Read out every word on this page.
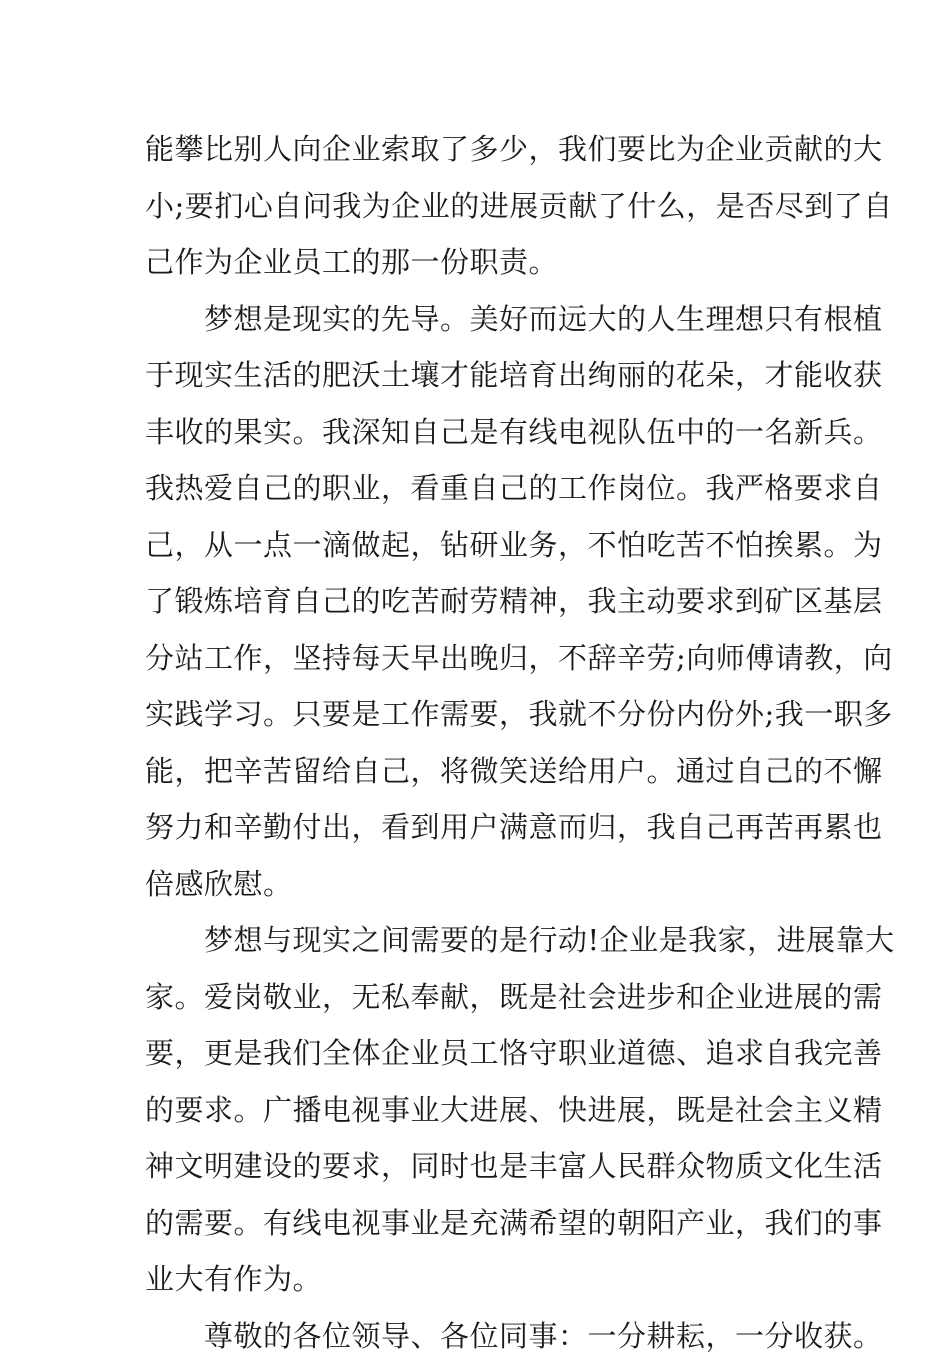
能攀比别人向企业索取了多少，我们要比为企业贡献的大
小;要扪心自问我为企业的进展贡献了什么，是否尽到了自
己作为企业员工的那一份职责。
　　梦想是现实的先导。美好而远大的人生理想只有根植
于现实生活的肥沃土壤才能培育出绚丽的花朵，才能收获
丰收的果实。我深知自己是有线电视队伍中的一名新兵。
我热爱自己的职业，看重自己的工作岗位。我严格要求自
己，从一点一滴做起，钻研业务，不怕吃苦不怕挨累。为
了锻炼培育自己的吃苦耐劳精神，我主动要求到矿区基层
分站工作，坚持每天早出晚归，不辞辛劳;向师傅请教，向
实践学习。只要是工作需要，我就不分份内份外;我一职多
能，把辛苦留给自己，将微笑送给用户。通过自己的不懈
努力和辛勤付出，看到用户满意而归，我自己再苦再累也
倍感欣慰。
　　梦想与现实之间需要的是行动!企业是我家，进展靠大
家。爱岗敬业，无私奉献，既是社会进步和企业进展的需
要，更是我们全体企业员工恪守职业道德、追求自我完善
的要求。广播电视事业大进展、快进展，既是社会主义精
神文明建设的要求，同时也是丰富人民群众物质文化生活
的需要。有线电视事业是充满希望的朝阳产业，我们的事
业大有作为。
　　尊敬的各位领导、各位同事：一分耕耘，一分收获。
